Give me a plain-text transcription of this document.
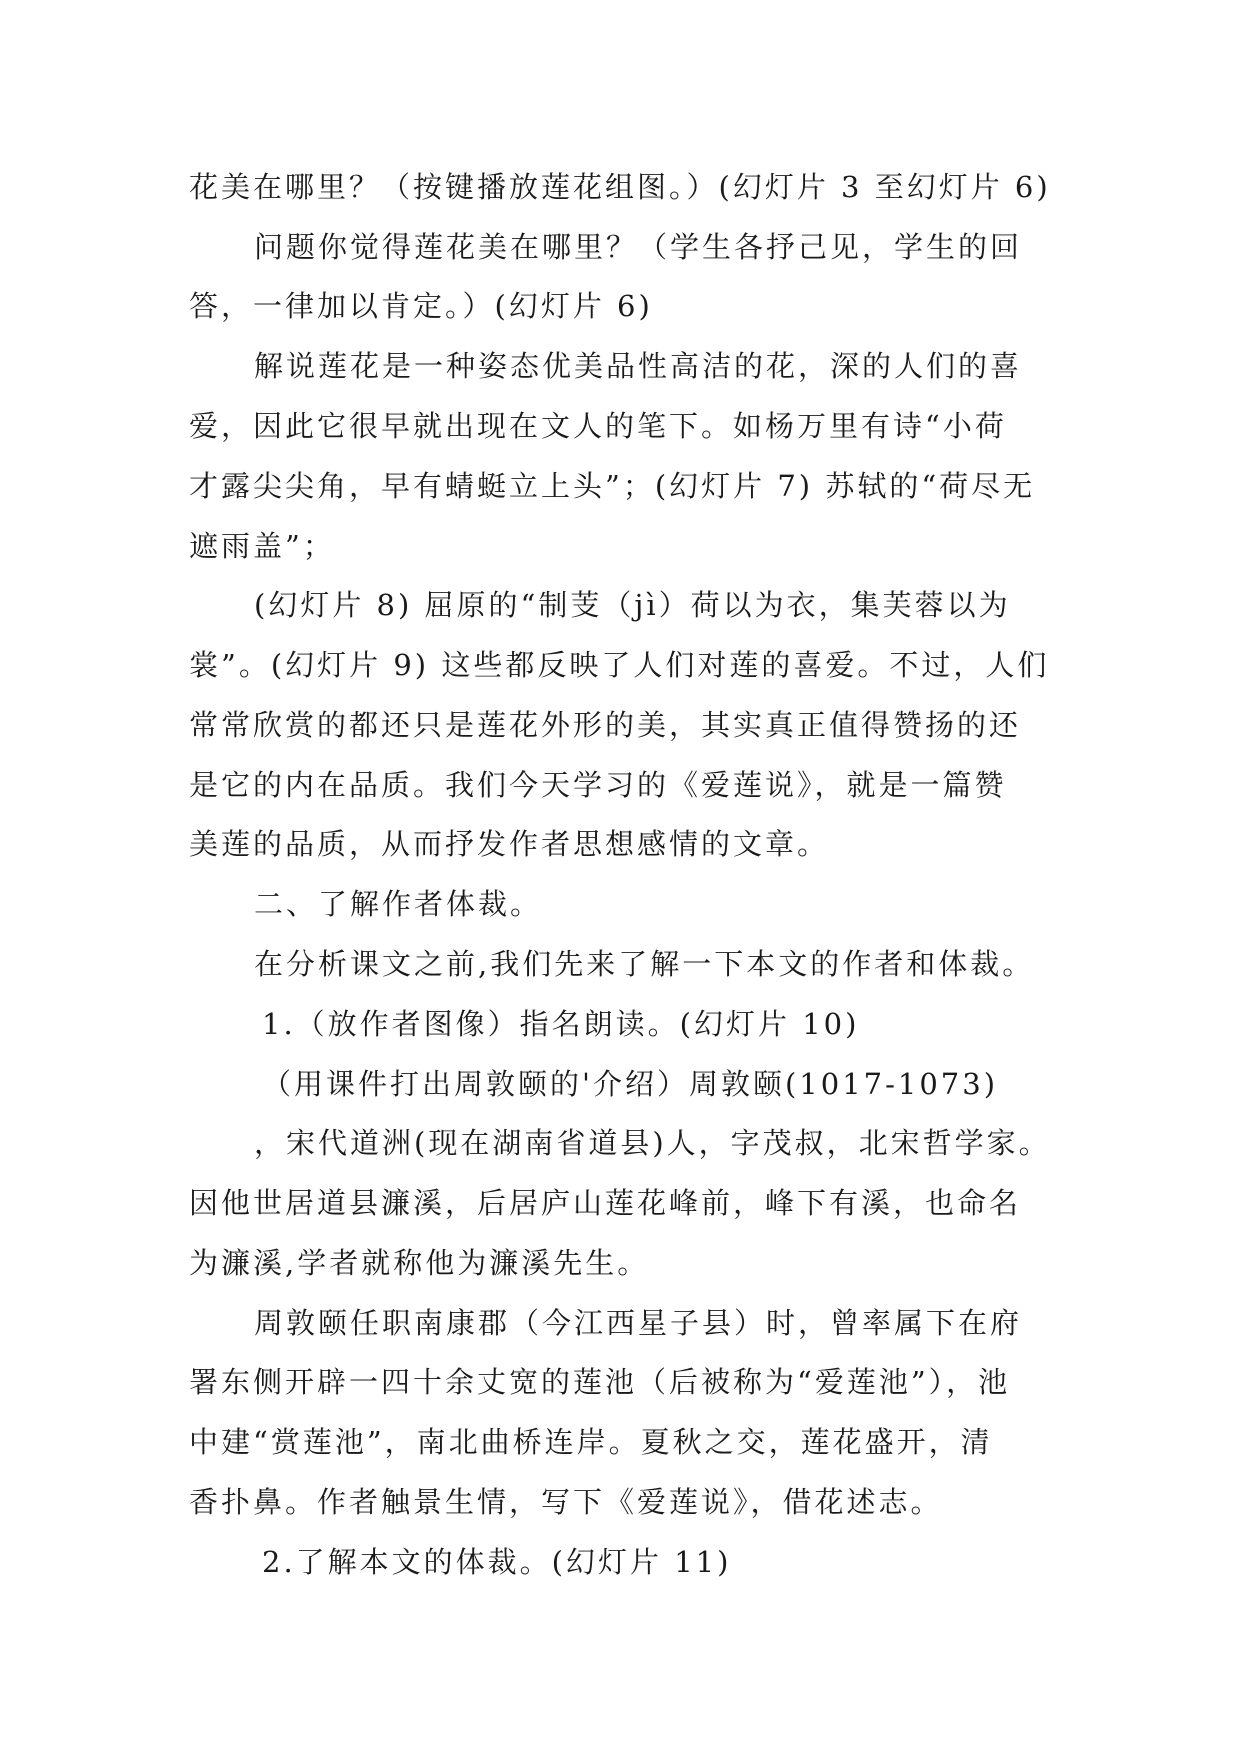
花美在哪里？（按键播放莲花组图。）(幻灯片 3 至幻灯片 6)
问题你觉得莲花美在哪里？（学生各抒己见，学生的回
答，一律加以肯定。）(幻灯片 6)
解说莲花是一种姿态优美品性高洁的花，深的人们的喜
爱，因此它很早就出现在文人的笔下。如杨万里有诗“小荷
才露尖尖角，早有蜻蜓立上头”；(幻灯片 7) 苏轼的“荷尽无
遮雨盖”；
(幻灯片 8) 屈原的“制芰（jì）荷以为衣，集芙蓉以为
裳”。(幻灯片 9) 这些都反映了人们对莲的喜爱。不过，人们
常常欣赏的都还只是莲花外形的美，其实真正值得赞扬的还
是它的内在品质。我们今天学习的《爱莲说》，就是一篇赞
美莲的品质，从而抒发作者思想感情的文章。
二、了解作者体裁。
在分析课文之前,我们先来了解一下本文的作者和体裁。
1.（放作者图像）指名朗读。(幻灯片 10)
（用课件打出周敦颐的'介绍）周敦颐(1017-1073)
，宋代道洲(现在湖南省道县)人，字茂叔，北宋哲学家。
因他世居道县濂溪，后居庐山莲花峰前，峰下有溪，也命名
为濂溪,学者就称他为濂溪先生。
周敦颐任职南康郡（今江西星子县）时，曾率属下在府
署东侧开辟一四十余丈宽的莲池（后被称为“爱莲池”），池
中建“赏莲池”，南北曲桥连岸。夏秋之交，莲花盛开，清
香扑鼻。作者触景生情，写下《爱莲说》，借花述志。
2.了解本文的体裁。(幻灯片 11)
